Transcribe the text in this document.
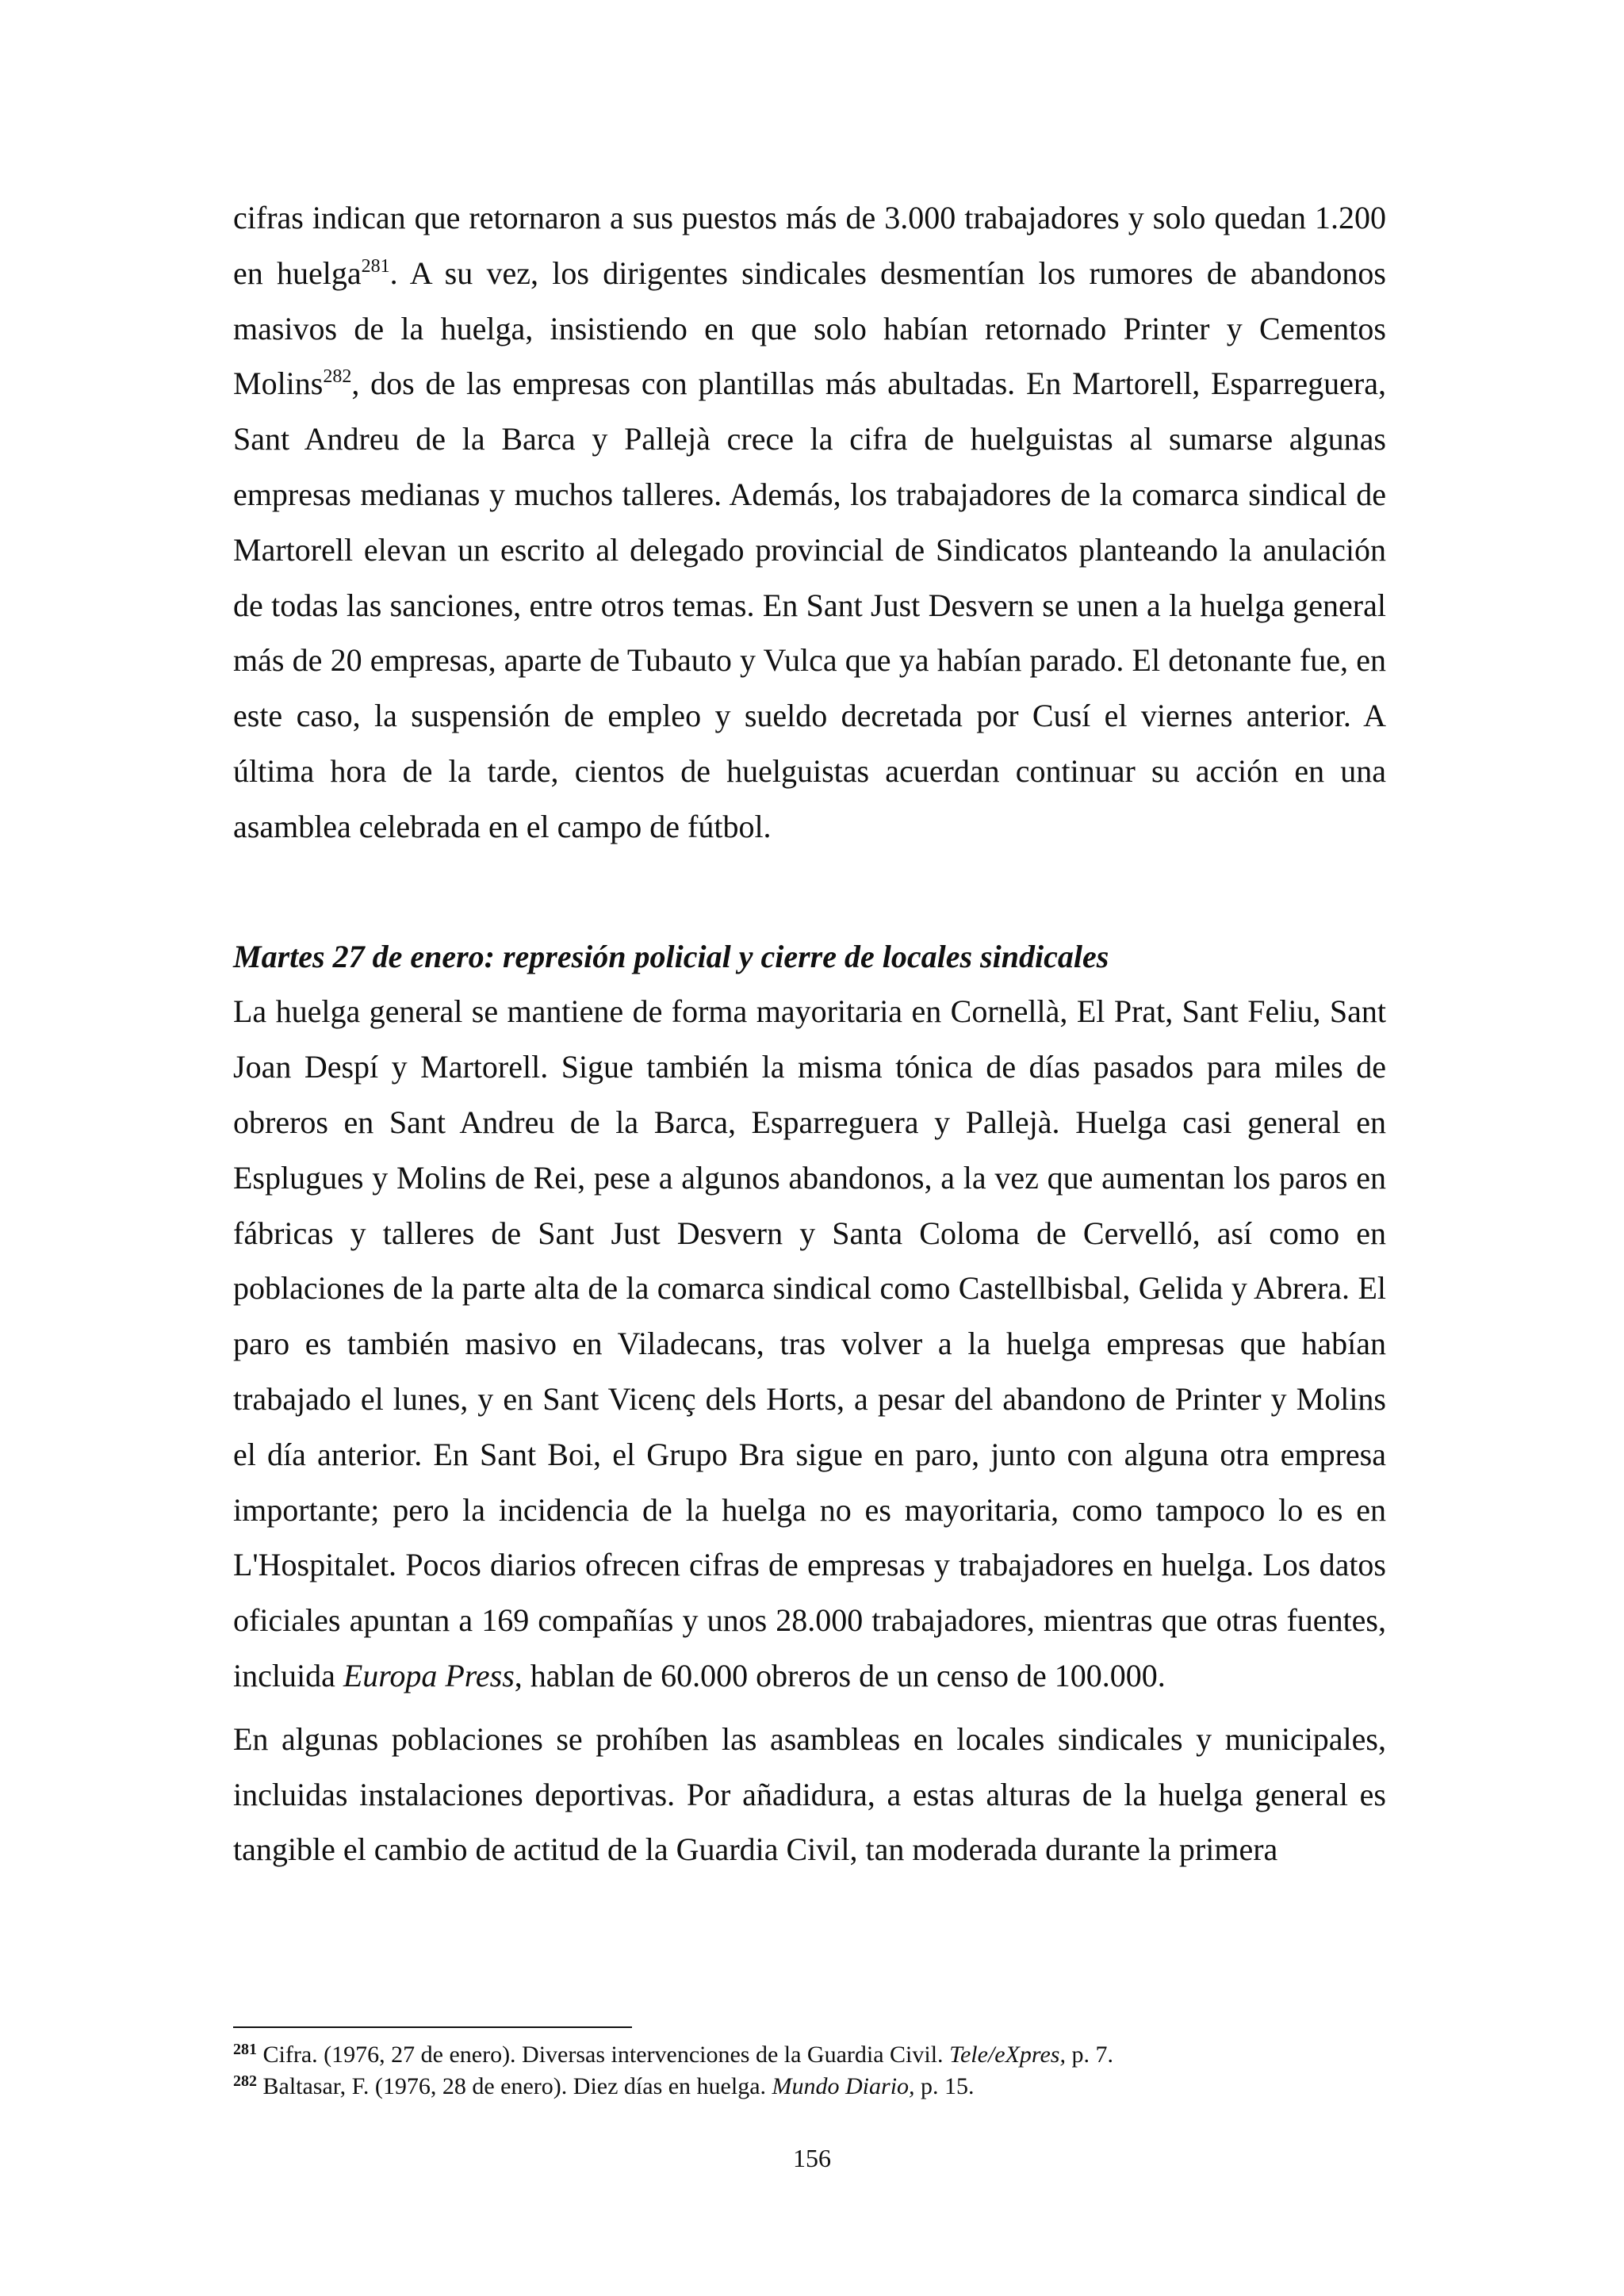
cifras indican que retornaron a sus puestos más de 3.000 trabajadores y solo quedan 1.200 en huelga$^{281}$. A su vez, los dirigentes sindicales desmentían los rumores de abandonos masivos de la huelga, insistiendo en que solo habían retornado Printer y Cementos Molins$^{282}$, dos de las empresas con plantillas más abultadas. En Martorell, Esparreguera, Sant Andreu de la Barca y Pallejà crece la cifra de huelguistas al sumarse algunas empresas medianas y muchos talleres. Además, los trabajadores de la comarca sindical de Martorell elevan un escrito al delegado provincial de Sindicatos planteando la anulación de todas las sanciones, entre otros temas. En Sant Just Desvern se unen a la huelga general más de 20 empresas, aparte de Tubauto y Vulca que ya habían parado. El detonante fue, en este caso, la suspensión de empleo y sueldo decretada por Cusí el viernes anterior. A última hora de la tarde, cientos de huelguistas acuerdan continuar su acción en una asamblea celebrada en el campo de fútbol.

Martes 27 de enero: represión policial y cierre de locales sindicales

La huelga general se mantiene de forma mayoritaria en Cornellà, El Prat, Sant Feliu, Sant Joan Despí y Martorell. Sigue también la misma tónica de días pasados para miles de obreros en Sant Andreu de la Barca, Esparreguera y Pallejà. Huelga casi general en Esplugues y Molins de Rei, pese a algunos abandonos, a la vez que aumentan los paros en fábricas y talleres de Sant Just Desvern y Santa Coloma de Cervelló, así como en poblaciones de la parte alta de la comarca sindical como Castellbisbal, Gelida y Abrera. El paro es también masivo en Viladecans, tras volver a la huelga empresas que habían trabajado el lunes, y en Sant Vicenç dels Horts, a pesar del abandono de Printer y Molins el día anterior. En Sant Boi, el Grupo Bra sigue en paro, junto con alguna otra empresa importante; pero la incidencia de la huelga no es mayoritaria, como tampoco lo es en L'Hospitalet. Pocos diarios ofrecen cifras de empresas y trabajadores en huelga. Los datos oficiales apuntan a 169 compañías y unos 28.000 trabajadores, mientras que otras fuentes, incluida Europa Press, hablan de 60.000 obreros de un censo de 100.000.

En algunas poblaciones se prohíben las asambleas en locales sindicales y municipales, incluidas instalaciones deportivas. Por añadidura, a estas alturas de la huelga general es tangible el cambio de actitud de la Guardia Civil, tan moderada durante la primera

$^{281}$ Cifra. (1976, 27 de enero). Diversas intervenciones de la Guardia Civil. Tele/eXpres, p. 7.

$^{282}$ Baltasar, F. (1976, 28 de enero). Diez días en huelga. Mundo Diario, p. 15.

156
